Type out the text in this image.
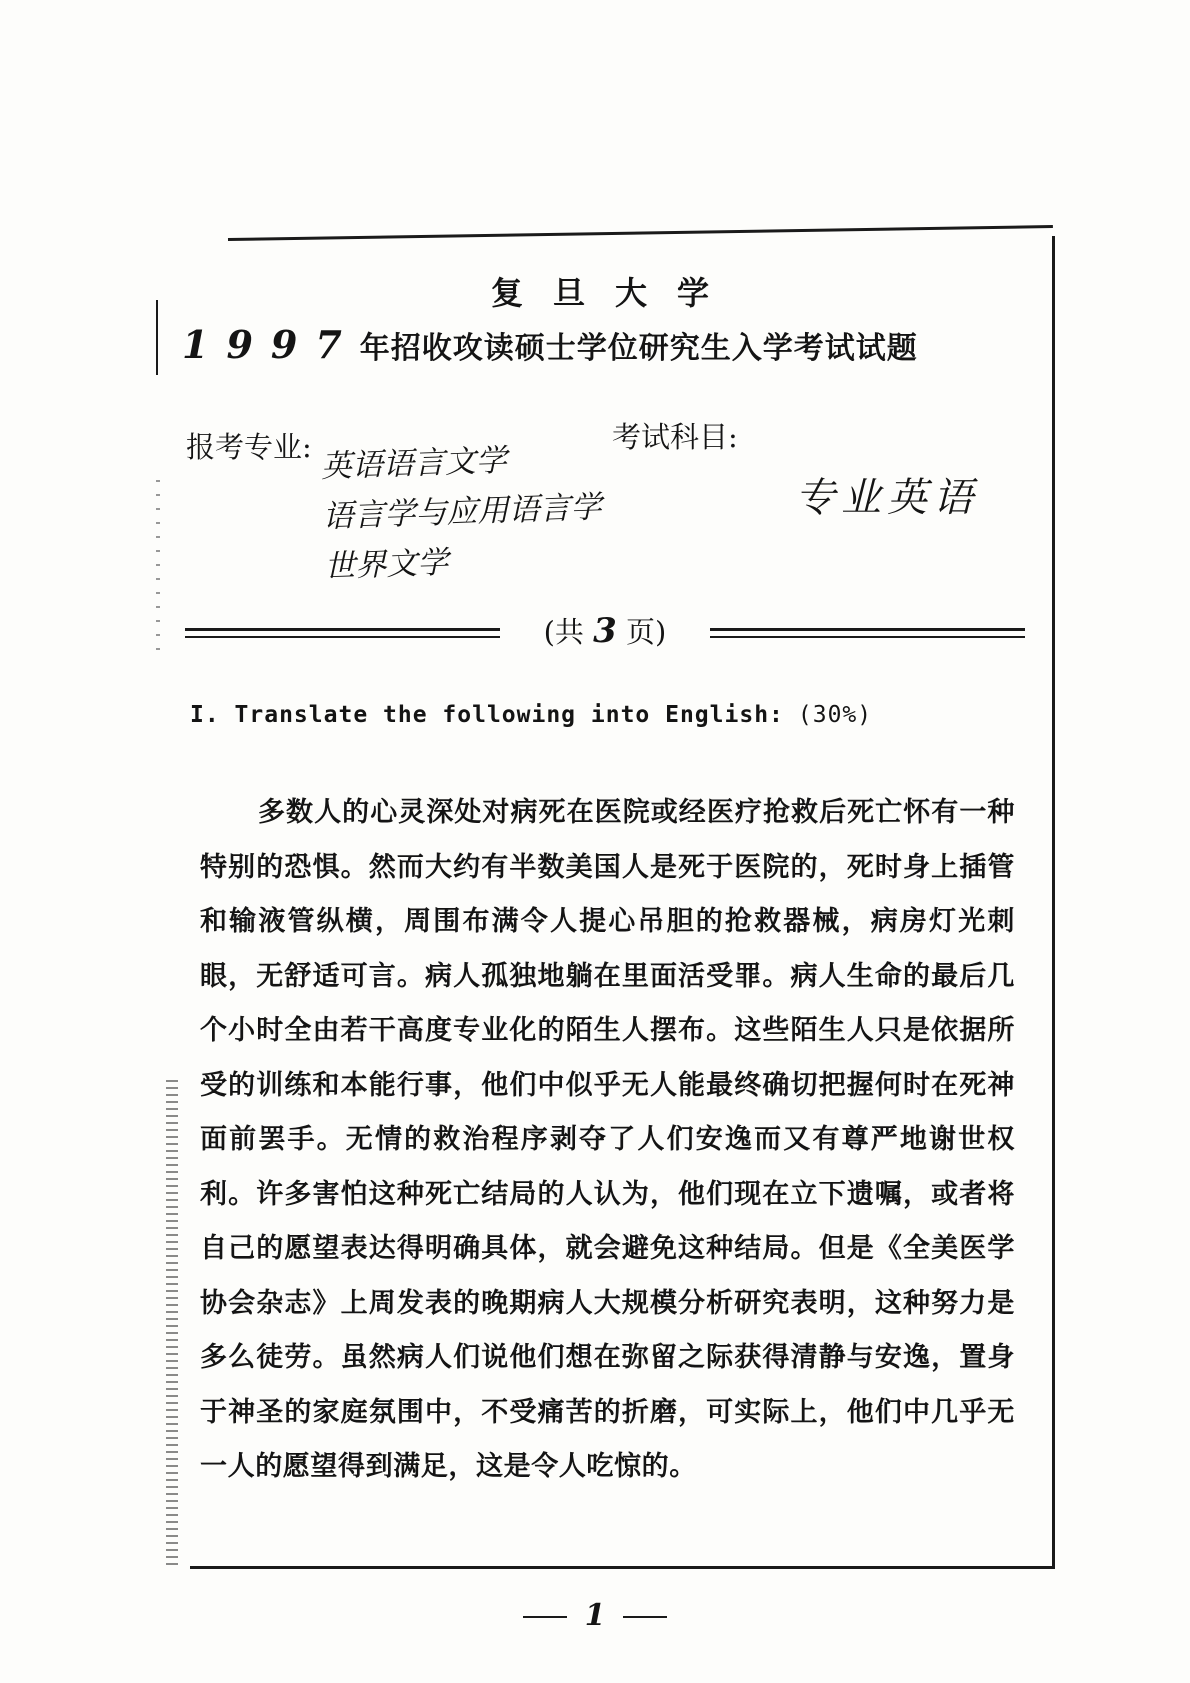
复旦大学
1997年招收攻读硕士学位研究生入学考试试题
报考专业: 英语语言文学
语言学与应用语言学
世界文学
考试科目:
专业英语
(共 3 页)
I. Translate the following into English: (30%)
多数人的心灵深处对病死在医院或经医疗抢救后死亡怀有一种特别的恐惧。然而大约有半数美国人是死于医院的，死时身上插管和输液管纵横，周围布满令人提心吊胆的抢救器械，病房灯光刺眼，无舒适可言。病人孤独地躺在里面活受罪。病人生命的最后几个小时全由若干高度专业化的陌生人摆布。这些陌生人只是依据所受的训练和本能行事，他们中似乎无人能最终确切把握何时在死神面前罢手。无情的救治程序剥夺了人们安逸而又有尊严地谢世权利。许多害怕这种死亡结局的人认为，他们现在立下遗嘱，或者将自己的愿望表达得明确具体，就会避免这种结局。但是《全美医学协会杂志》上周发表的晚期病人大规模分析研究表明，这种努力是多么徒劳。虽然病人们说他们想在弥留之际获得清静与安逸，置身于神圣的家庭氛围中，不受痛苦的折磨，可实际上，他们中几乎无一人的愿望得到满足，这是令人吃惊的。
1
